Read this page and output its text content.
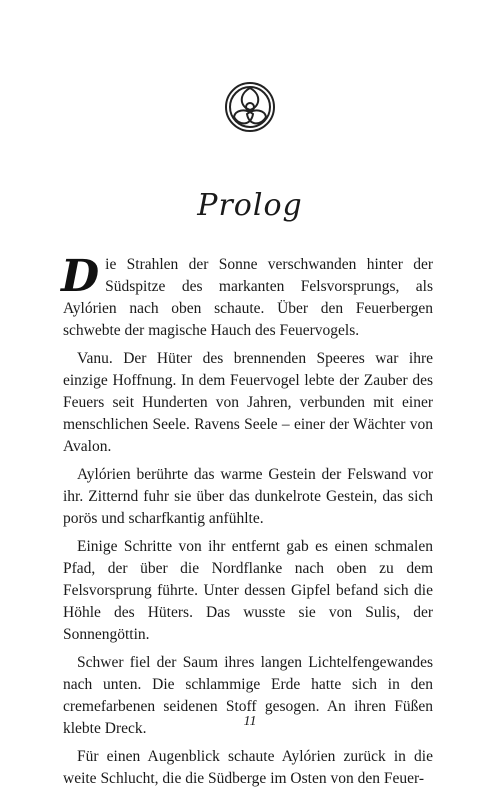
Prolog

Die Strahlen der Sonne verschwanden hinter der Südspitze des markanten Felsvorsprungs, als Aylórien nach oben schaute. Über den Feuerbergen schwebte der magische Hauch des Feuervogels.

Vanu. Der Hüter des brennenden Speeres war ihre einzige Hoffnung. In dem Feuervogel lebte der Zauber des Feuers seit Hunderten von Jahren, verbunden mit einer menschlichen Seele. Ravens Seele – einer der Wächter von Avalon.

Aylórien berührte das warme Gestein der Felswand vor ihr. Zitternd fuhr sie über das dunkelrote Gestein, das sich porös und scharfkantig anfühlte.

Einige Schritte von ihr entfernt gab es einen schmalen Pfad, der über die Nordflanke nach oben zu dem Felsvorsprung führte. Unter dessen Gipfel befand sich die Höhle des Hüters. Das wusste sie von Sulis, der Sonnengöttin.

Schwer fiel der Saum ihres langen Lichtelfengewandes nach unten. Die schlammige Erde hatte sich in den cremefarbenen seidenen Stoff gesogen. An ihren Füßen klebte Dreck.

Für einen Augenblick schaute Aylórien zurück in die weite Schlucht, die die Südberge im Osten von den Feuer-

11
